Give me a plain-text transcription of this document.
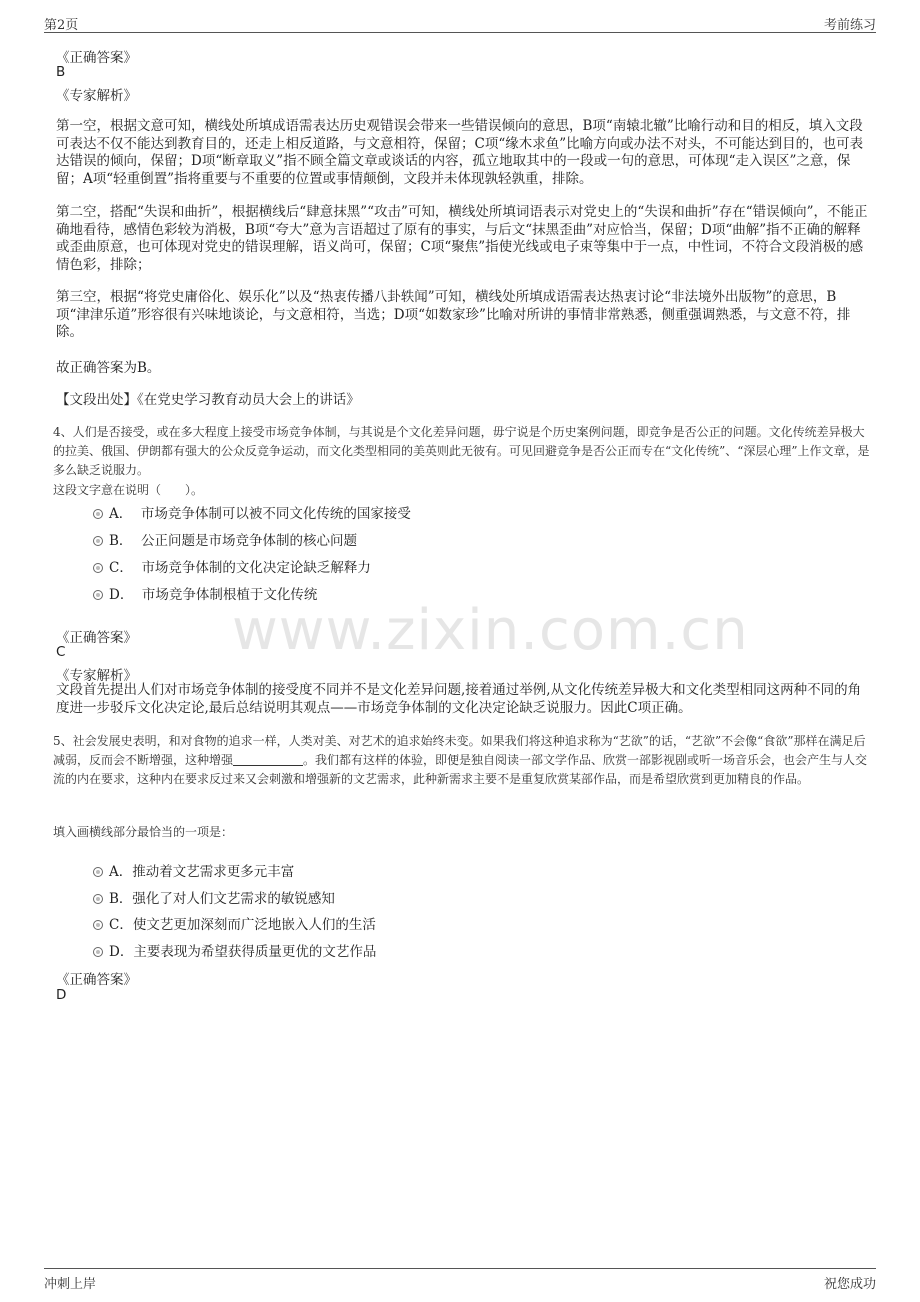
第2页	考前练习
www.zixin.com.cn
《正确答案》
B
《专家解析》
第一空，根据文意可知，横线处所填成语需表达历史观错误会带来一些错误倾向的意思，B项“南辕北辙”比喻行动和目的相反，填入文段可表达不仅不能达到教育目的，还走上相反道路，与文意相符，保留；C项“缘木求鱼”比喻方向或办法不对头，不可能达到目的，也可表达错误的倾向，保留；D项“断章取义”指不顾全篇文章或谈话的内容，孤立地取其中的一段或一句的意思，可体现“走入误区”之意，保留；A项“轻重倒置”指将重要与不重要的位置或事情颠倒，文段并未体现孰轻孰重，排除。
第二空，搭配“失误和曲折”，根据横线后“肆意抹黑”“攻击”可知，横线处所填词语表示对党史上的“失误和曲折”存在“错误倾向”，不能正确地看待，感情色彩较为消极，B项“夸大”意为言语超过了原有的事实，与后文“抹黑歪曲”对应恰当，保留；D项“曲解”指不正确的解释或歪曲原意，也可体现对党史的错误理解，语义尚可，保留；C项“聚焦”指使光线或电子束等集中于一点，中性词，不符合文段消极的感情色彩，排除；
第三空，根据“将党史庸俗化、娱乐化”以及“热衷传播八卦轶闻”可知，横线处所填成语需表达热衷讨论“非法境外出版物”的意思，B项“津津乐道”形容很有兴味地谈论，与文意相符，当选；D项“如数家珍”比喻对所讲的事情非常熟悉，侧重强调熟悉，与文意不符，排除。
故正确答案为B。
【文段出处】《在党史学习教育动员大会上的讲话》
4、人们是否接受，或在多大程度上接受市场竞争体制，与其说是个文化差异问题，毋宁说是个历史案例问题，即竞争是否公正的问题。文化传统差异极大的拉美、俄国、伊朗都有强大的公众反竞争运动，而文化类型相同的美英则此无彼有。可见回避竞争是否公正而专在“文化传统”、“深层心理”上作文章，是多么缺乏说服力。
这段文字意在说明（　　）。
A． 市场竞争体制可以被不同文化传统的国家接受
B． 公正问题是市场竞争体制的核心问题
C． 市场竞争体制的文化决定论缺乏解释力
D． 市场竞争体制根植于文化传统
《正确答案》
C
《专家解析》
文段首先提出人们对市场竞争体制的接受度不同并不是文化差异问题,接着通过举例,从文化传统差异极大和文化类型相同这两种不同的角度进一步驳斥文化决定论,最后总结说明其观点——市场竞争体制的文化决定论缺乏说服力。因此C项正确。
5、社会发展史表明，和对食物的追求一样，人类对美、对艺术的追求始终未变。如果我们将这种追求称为“艺欲”的话，“艺欲”不会像“食欲”那样在满足后减弱，反而会不断增强，这种增强	。我们都有这样的体验，即便是独自阅读一部文学作品、欣赏一部影视剧或听一场音乐会，也会产生与人交流的内在要求，这种内在要求反过来又会刺激和增强新的文艺需求，此种新需求主要不是重复欣赏某部作品，而是希望欣赏到更加精良的作品。
填入画横线部分最恰当的一项是：
A．推动着文艺需求更多元丰富
B．强化了对人们文艺需求的敏锐感知
C．使文艺更加深刻而广泛地嵌入人们的生活
D．主要表现为希望获得质量更优的文艺作品
《正确答案》
D
冲刺上岸	祝您成功
